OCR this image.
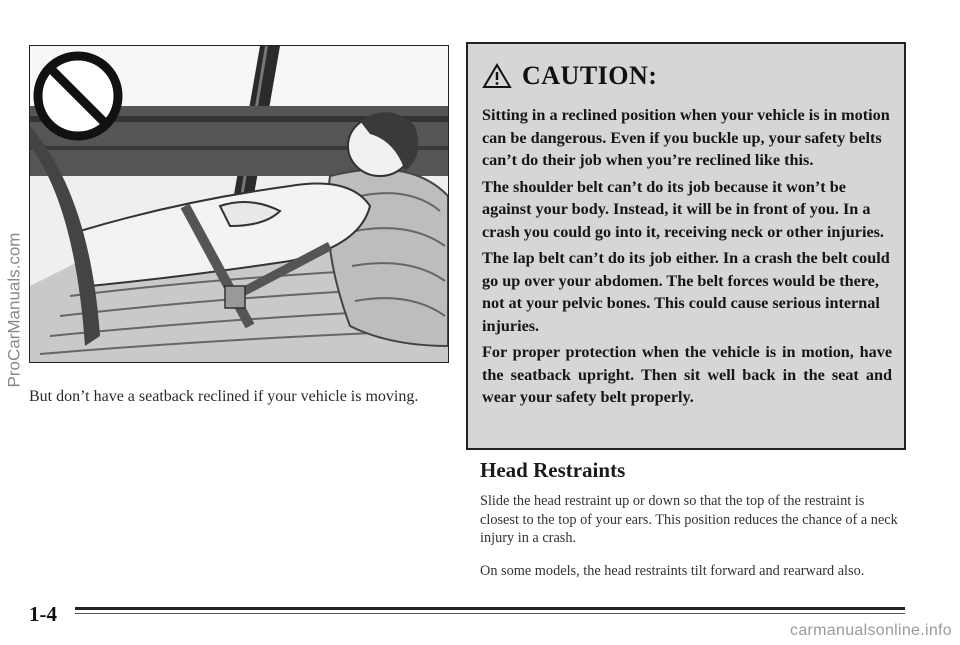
ProCarManuals.com
But don’t have a seatback reclined if your vehicle is moving.
CAUTION:

Sitting in a reclined position when your vehicle is in motion can be dangerous. Even if you buckle up, your safety belts can’t do their job when you’re reclined like this.

The shoulder belt can’t do its job because it won’t be against your body. Instead, it will be in front of you. In a crash you could go into it, receiving neck or other injuries.

The lap belt can’t do its job either. In a crash the belt could go up over your abdomen. The belt forces would be there, not at your pelvic bones. This could cause serious internal injuries.

For proper protection when the vehicle is in motion, have the seatback upright. Then sit well back in the seat and wear your safety belt properly.

Head Restraints

Slide the head restraint up or down so that the top of the restraint is closest to the top of your ears. This position reduces the chance of a neck injury in a crash.

On some models, the head restraints tilt forward and rearward also.

1-4
carmanualsonline.info
